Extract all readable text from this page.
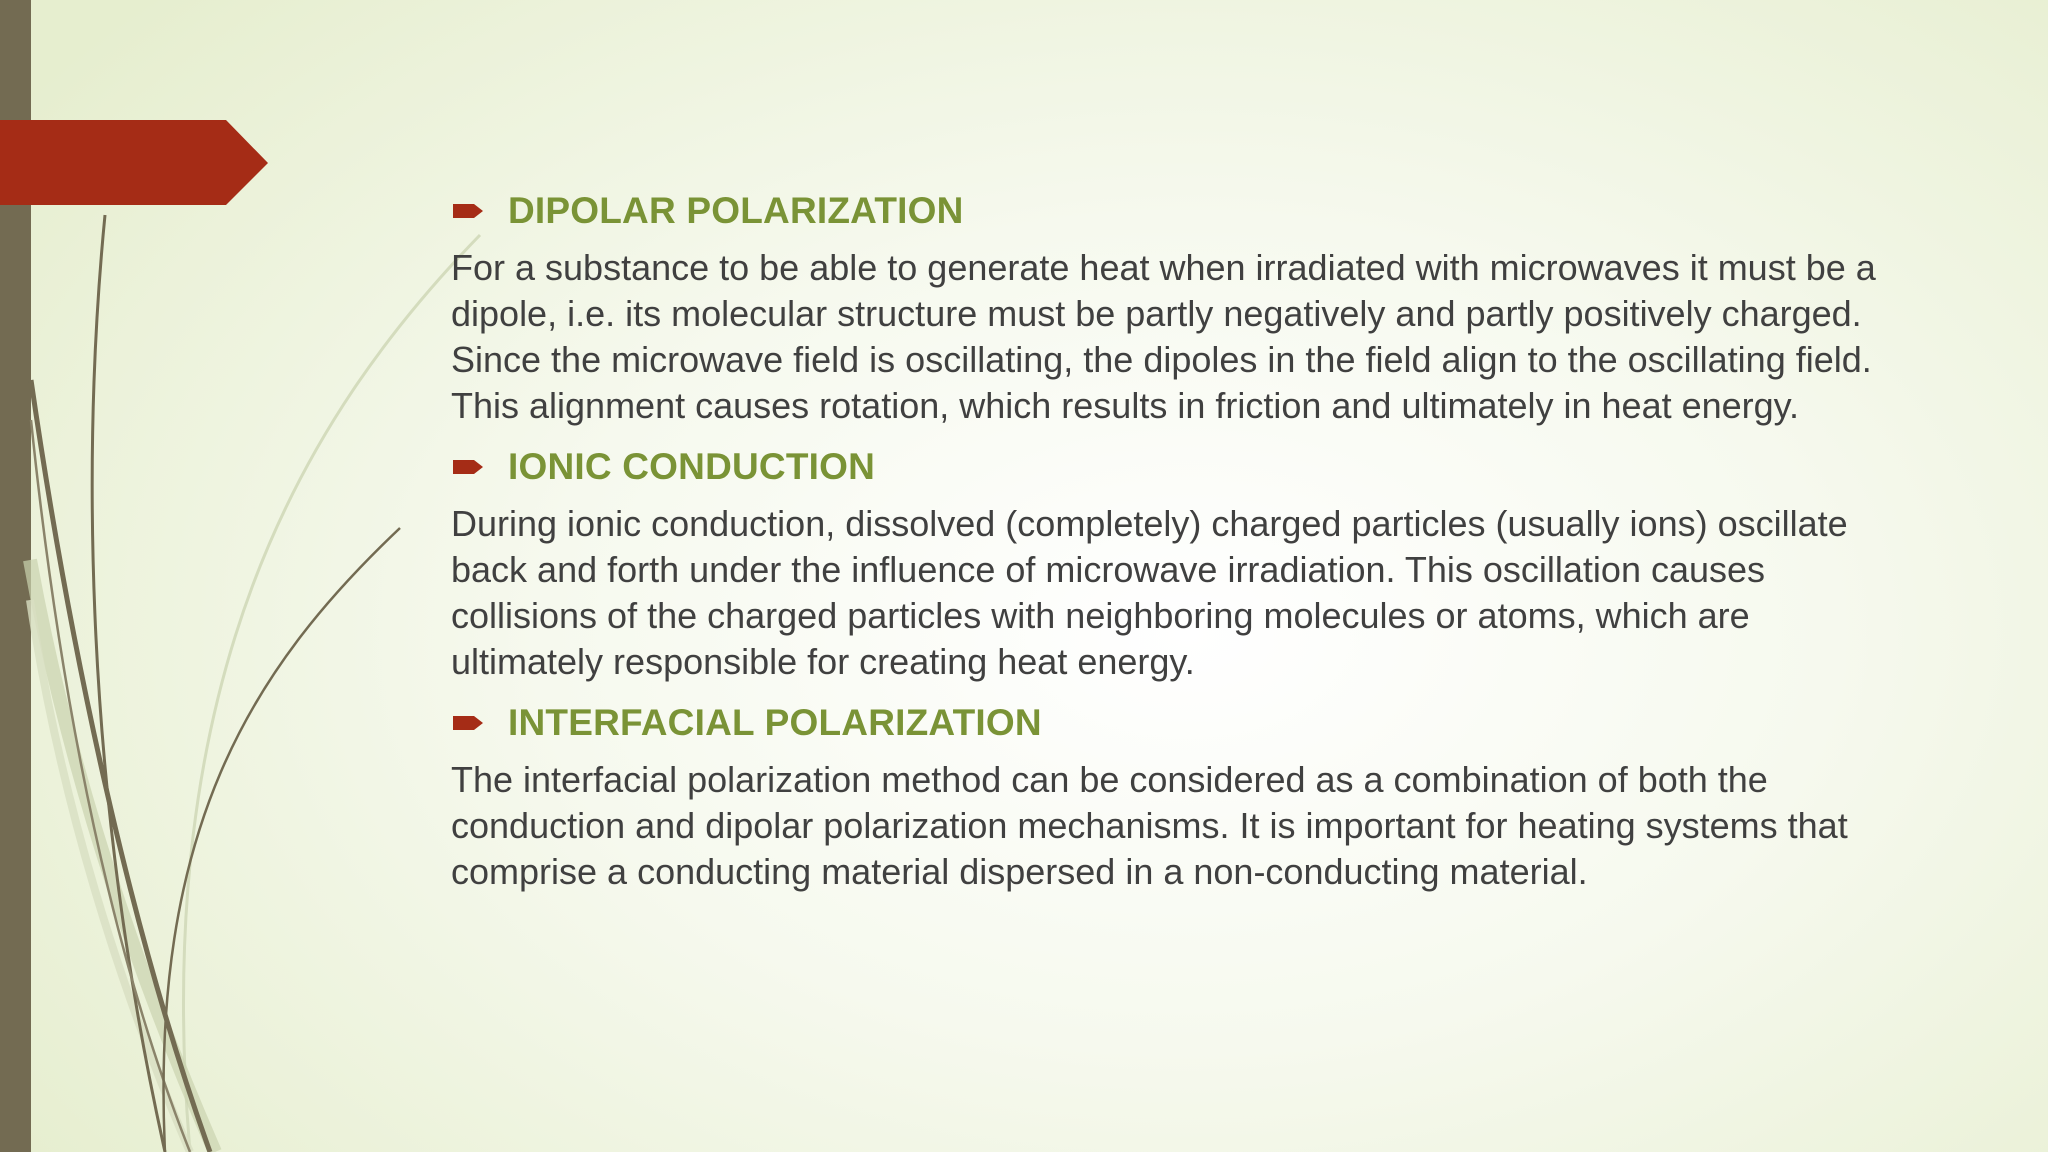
DIPOLAR POLARIZATION

For a substance to be able to generate heat when irradiated with microwaves it must be a dipole, i.e. its molecular structure must be partly negatively and partly positively charged. Since the microwave field is oscillating, the dipoles in the field align to the oscillating field. This alignment causes rotation, which results in friction and ultimately in heat energy.

IONIC CONDUCTION

During ionic conduction, dissolved (completely) charged particles (usually ions) oscillate back and forth under the influence of microwave irradiation. This oscillation causes collisions of the charged particles with neighboring molecules or atoms, which are ultimately responsible for creating heat energy.

INTERFACIAL POLARIZATION

The interfacial polarization method can be considered as a combination of both the conduction and dipolar polarization mechanisms. It is important for heating systems that comprise a conducting material dispersed in a non-conducting material.
